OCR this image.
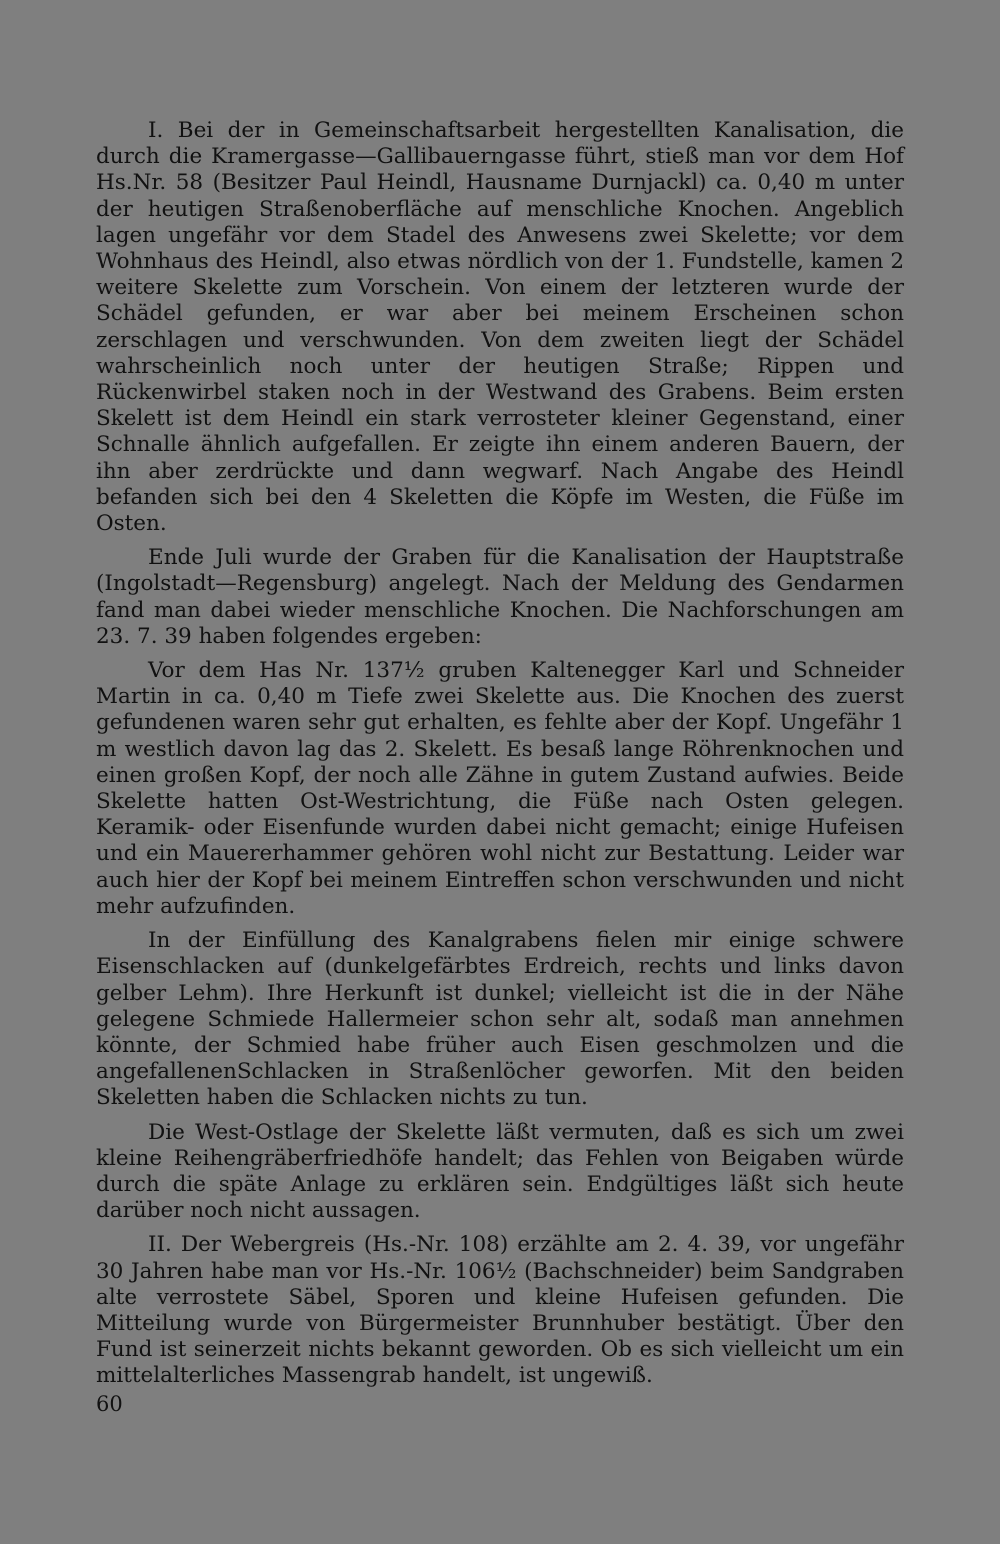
I. Bei der in Gemeinschaftsarbeit hergestellten Kanalisation, die durch die Kramergasse—Gallibauerngasse führt, stieß man vor dem Hof Hs.Nr. 58 (Besitzer Paul Heindl, Hausname Durnjackl) ca. 0,40 m unter der heutigen Straßenoberfläche auf menschliche Knochen. Angeblich lagen ungefähr vor dem Stadel des Anwesens zwei Skelette; vor dem Wohnhaus des Heindl, also etwas nördlich von der 1. Fundstelle, kamen 2 weitere Skelette zum Vorschein. Von einem der letzteren wurde der Schädel gefunden, er war aber bei meinem Erscheinen schon zerschlagen und verschwunden. Von dem zweiten liegt der Schädel wahrscheinlich noch unter der heutigen Straße; Rippen und Rückenwirbel staken noch in der Westwand des Grabens. Beim ersten Skelett ist dem Heindl ein stark verrosteter kleiner Gegenstand, einer Schnalle ähnlich aufgefallen. Er zeigte ihn einem anderen Bauern, der ihn aber zerdrückte und dann wegwarf. Nach Angabe des Heindl befanden sich bei den 4 Skeletten die Köpfe im Westen, die Füße im Osten.

Ende Juli wurde der Graben für die Kanalisation der Hauptstraße (Ingolstadt—Regensburg) angelegt. Nach der Meldung des Gendarmen fand man dabei wieder menschliche Knochen. Die Nachforschungen am 23. 7. 39 haben folgendes ergeben:

Vor dem Has Nr. 137½ gruben Kaltenegger Karl und Schneider Martin in ca. 0,40 m Tiefe zwei Skelette aus. Die Knochen des zuerst gefundenen waren sehr gut erhalten, es fehlte aber der Kopf. Ungefähr 1 m westlich davon lag das 2. Skelett. Es besaß lange Röhrenknochen und einen großen Kopf, der noch alle Zähne in gutem Zustand aufwies. Beide Skelette hatten Ost-Westrichtung, die Füße nach Osten gelegen. Keramik- oder Eisenfunde wurden dabei nicht gemacht; einige Hufeisen und ein Mauererhammer gehören wohl nicht zur Bestattung. Leider war auch hier der Kopf bei meinem Eintreffen schon verschwunden und nicht mehr aufzufinden.

In der Einfüllung des Kanalgrabens fielen mir einige schwere Eisenschlacken auf (dunkelgefärbtes Erdreich, rechts und links davon gelber Lehm). Ihre Herkunft ist dunkel; vielleicht ist die in der Nähe gelegene Schmiede Hallermeier schon sehr alt, sodaß man annehmen könnte, der Schmied habe früher auch Eisen geschmolzen und die angefallenenSchlacken in Straßenlöcher geworfen. Mit den beiden Skeletten haben die Schlacken nichts zu tun.

Die West-Ostlage der Skelette läßt vermuten, daß es sich um zwei kleine Reihengräberfriedhöfe handelt; das Fehlen von Beigaben würde durch die späte Anlage zu erklären sein. Endgültiges läßt sich heute darüber noch nicht aussagen.

II. Der Webergreis (Hs.-Nr. 108) erzählte am 2. 4. 39, vor ungefähr 30 Jahren habe man vor Hs.-Nr. 106½ (Bachschneider) beim Sandgraben alte verrostete Säbel, Sporen und kleine Hufeisen gefunden. Die Mitteilung wurde von Bürgermeister Brunnhuber bestätigt. Über den Fund ist seinerzeit nichts bekannt geworden. Ob es sich vielleicht um ein mittelalterliches Massengrab handelt, ist ungewiß.

60
